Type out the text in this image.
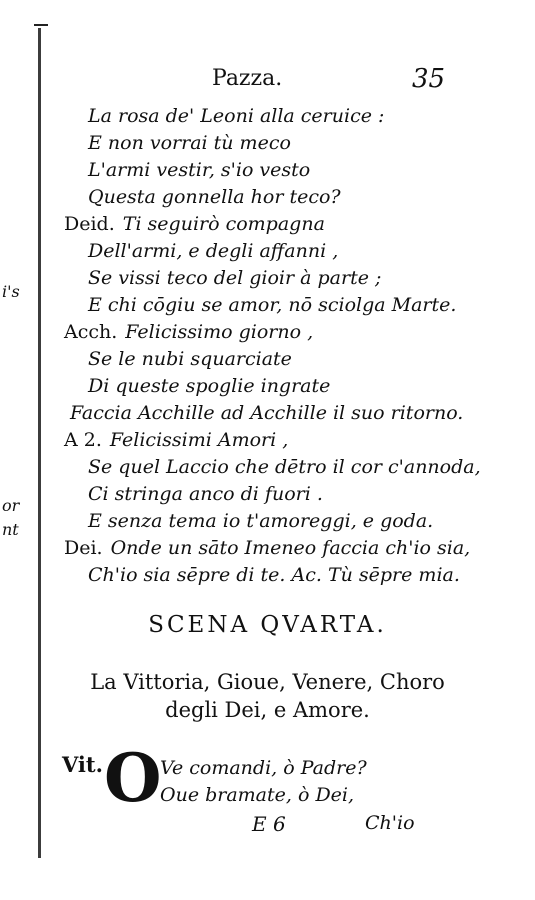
i's
or
nt
Pazza.	35
La rosa de' Leoni alla ceruice :
E non vorrai tù meco
L'armi vestir, s'io vesto
Questa gonnella hor teco?
Deid. Ti seguirò compagna
Dell'armi, e degli affanni ,
Se vissi teco del gioir à parte ;
E chi cōgiu se amor, nō sciolga Marte.
Acch. Felicissimo giorno ,
Se le nubi squarciate
Di queste spoglie ingrate
Faccia Acchille ad Acchille il suo ritorno.
A 2. Felicissimi Amori ,
Se quel Laccio che dētro il cor c'annoda,
Ci stringa anco di fuori .
E senza tema io t'amoreggi, e goda.
Dei. Onde un sāto Imeneo faccia ch'io sia,
Ch'io sia sēpre di te. Ac. Tù sēpre mia.
SCENA QVARTA.
La Vittoria, Gioue, Venere, Choro
degli Dei, e Amore.
Vit. O
Ve comandi, ò Padre?
Oue bramate, ò Dei,
E 6	Ch'io
